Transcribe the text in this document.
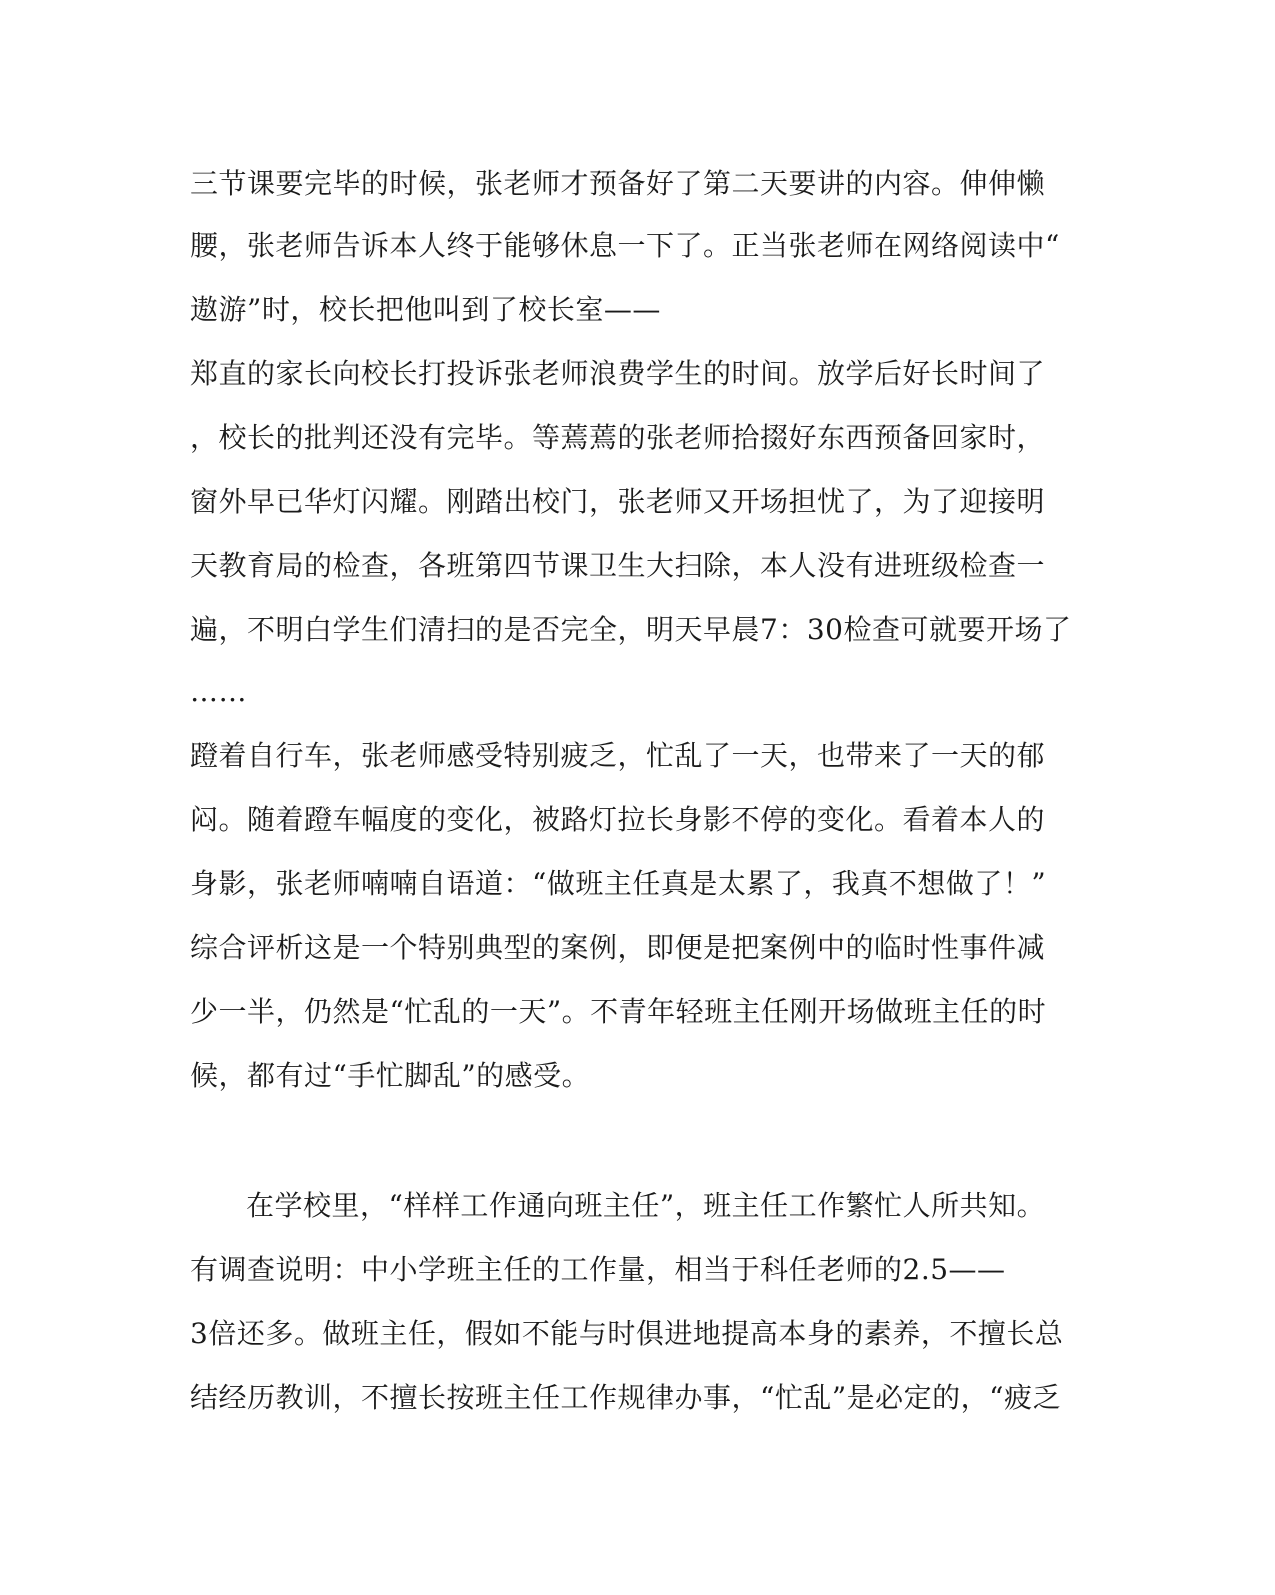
三节课要完毕的时候，张老师才预备好了第二天要讲的内容。伸伸懒
腰，张老师告诉本人终于能够休息一下了。正当张老师在网络阅读中“
遨游”时，校长把他叫到了校长室——
郑直的家长向校长打投诉张老师浪费学生的时间。放学后好长时间了
，校长的批判还没有完毕。等蔫蔫的张老师拾掇好东西预备回家时，
窗外早已华灯闪耀。刚踏出校门，张老师又开场担忧了，为了迎接明
天教育局的检查，各班第四节课卫生大扫除，本人没有进班级检查一
遍，不明白学生们清扫的是否完全，明天早晨7：30检查可就要开场了
……
蹬着自行车，张老师感受特别疲乏，忙乱了一天，也带来了一天的郁
闷。随着蹬车幅度的变化，被路灯拉长身影不停的变化。看着本人的
身影，张老师喃喃自语道：“做班主任真是太累了，我真不想做了！”
综合评析这是一个特别典型的案例，即便是把案例中的临时性事件减
少一半，仍然是“忙乱的一天”。不青年轻班主任刚开场做班主任的时
候，都有过“手忙脚乱”的感受。
在学校里，“样样工作通向班主任”，班主任工作繁忙人所共知。
有调查说明：中小学班主任的工作量，相当于科任老师的2.5——
3倍还多。做班主任，假如不能与时俱进地提高本身的素养，不擅长总
结经历教训，不擅长按班主任工作规律办事，“忙乱”是必定的，“疲乏
